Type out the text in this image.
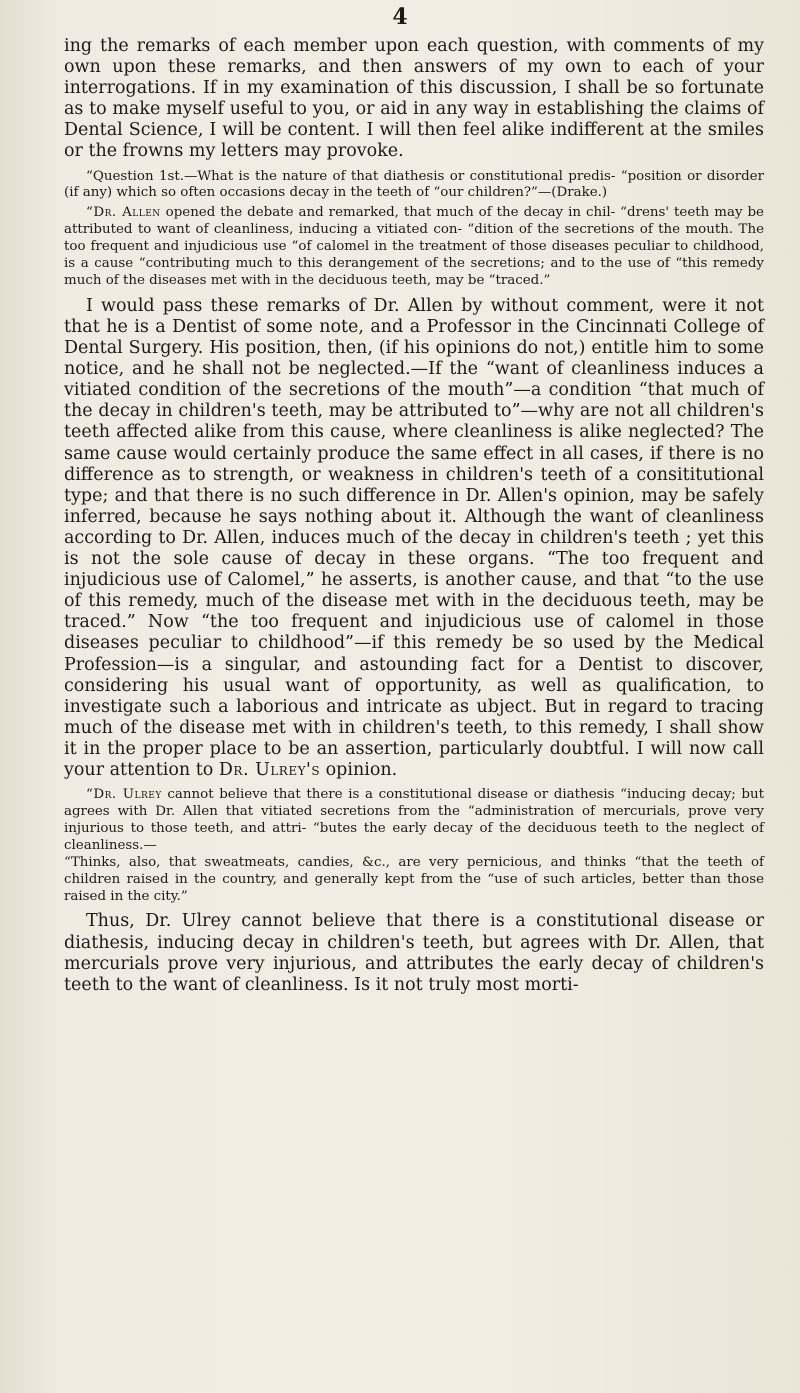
4

ing the remarks of each member upon each question, with comments of my own upon these remarks, and then answers of my own to each of your interrogations. If in my examination of this discussion, I shall be so fortunate as to make myself useful to you, or aid in any way in establishing the claims of Dental Science, I will be content. I will then feel alike indifferent at the smiles or the frowns my letters may provoke.

“Question 1st.—What is the nature of that diathesis or constitutional predis- “position or disorder (if any) which so often occasions decay in the teeth of “our children?”—(Drake.)

“Dr. Allen opened the debate and remarked, that much of the decay in chil- “drens' teeth may be attributed to want of cleanliness, inducing a vitiated con- “dition of the secretions of the mouth. The too frequent and injudicious use “of calomel in the treatment of those diseases peculiar to childhood, is a cause “contributing much to this derangement of the secretions; and to the use of “this remedy much of the diseases met with in the deciduous teeth, may be “traced.”

I would pass these remarks of Dr. Allen by without comment, were it not that he is a Dentist of some note, and a Professor in the Cincinnati College of Dental Surgery. His position, then, (if his opinions do not,) entitle him to some notice, and he shall not be neglected.—If the “want of cleanliness induces a vitiated condition of the secretions of the mouth”—a condition “that much of the decay in children's teeth, may be attributed to”—why are not all children's teeth affected alike from this cause, where cleanliness is alike neglected? The same cause would certainly produce the same effect in all cases, if there is no difference as to strength, or weakness in children's teeth of a consititutional type; and that there is no such difference in Dr. Allen's opinion, may be safely inferred, because he says nothing about it. Although the want of cleanliness according to Dr. Allen, induces much of the decay in children's teeth ; yet this is not the sole cause of decay in these organs. “The too frequent and injudicious use of Calomel,” he asserts, is another cause, and that “to the use of this remedy, much of the disease met with in the deciduous teeth, may be traced.” Now “the too frequent and injudicious use of calomel in those diseases peculiar to childhood”—if this remedy be so used by the Medical Profession—is a singular, and astounding fact for a Dentist to discover, considering his usual want of opportunity, as well as qualification, to investigate such a laborious and intricate as ubject. But in regard to tracing much of the disease met with in children's teeth, to this remedy, I shall show it in the proper place to be an assertion, particularly doubtful. I will now call your attention to Dr. Ulrey's opinion.

“Dr. Ulrey cannot believe that there is a constitutional disease or diathesis “inducing decay; but agrees with Dr. Allen that vitiated secretions from the “administration of mercurials, prove very injurious to those teeth, and attri- “butes the early decay of the deciduous teeth to the neglect of cleanliness.—

“Thinks, also, that sweatmeats, candies, &c., are very pernicious, and thinks “that the teeth of children raised in the country, and generally kept from the “use of such articles, better than those raised in the city.”

Thus, Dr. Ulrey cannot believe that there is a constitutional disease or diathesis, inducing decay in children's teeth, but agrees with Dr. Allen, that mercurials prove very injurious, and attributes the early decay of children's teeth to the want of cleanliness. Is it not truly most morti-
